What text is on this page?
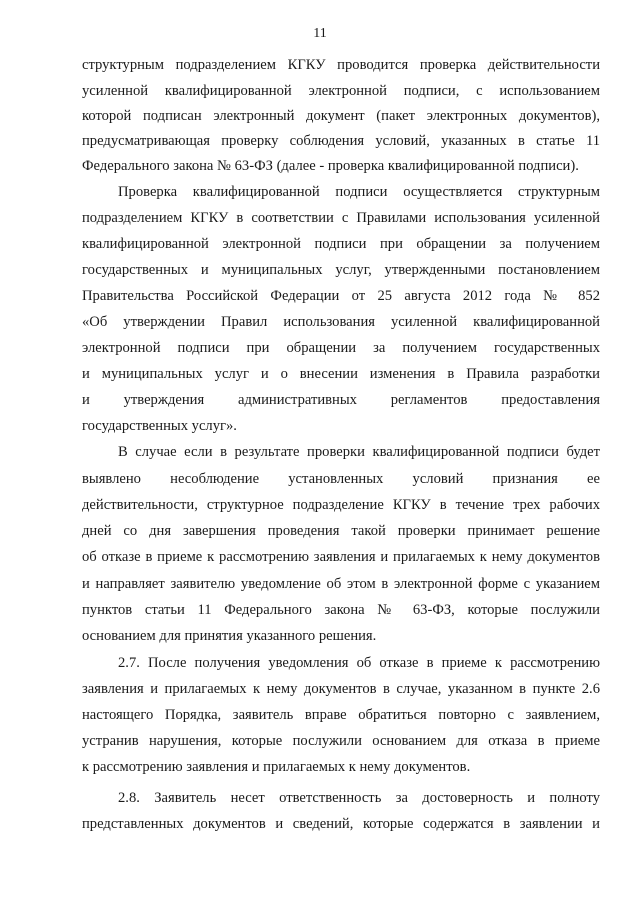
11
структурным подразделением КГКУ проводится проверка действительности
усиленной квалифицированной электронной подписи, с использованием
которой подписан электронный документ (пакет электронных документов),
предусматривающая проверку соблюдения условий, указанных в статье 11
Федерального закона № 63-ФЗ (далее - проверка квалифицированной подписи).
Проверка квалифицированной подписи осуществляется структурным
подразделением КГКУ в соответствии с Правилами использования усиленной
квалифицированной электронной подписи при обращении за получением
государственных и муниципальных услуг, утвержденными постановлением
Правительства Российской Федерации от 25 августа 2012 года № 852
«Об утверждении Правил использования усиленной квалифицированной
электронной подписи при обращении за получением государственных
и муниципальных услуг и о внесении изменения в Правила разработки
и утверждения административных регламентов предоставления
государственных услуг».
В случае если в результате проверки квалифицированной подписи будет
выявлено несоблюдение установленных условий признания ее
действительности, структурное подразделение КГКУ в течение трех рабочих
дней со дня завершения проведения такой проверки принимает решение
об отказе в приеме к рассмотрению заявления и прилагаемых к нему документов
и направляет заявителю уведомление об этом в электронной форме с указанием
пунктов статьи 11 Федерального закона № 63-ФЗ, которые послужили
основанием для принятия указанного решения.
2.7. После получения уведомления об отказе в приеме к рассмотрению
заявления и прилагаемых к нему документов в случае, указанном в пункте 2.6
настоящего Порядка, заявитель вправе обратиться повторно с заявлением,
устранив нарушения, которые послужили основанием для отказа в приеме
к рассмотрению заявления и прилагаемых к нему документов.
2.8. Заявитель несет ответственность за достоверность и полноту
представленных документов и сведений, которые содержатся в заявлении и
